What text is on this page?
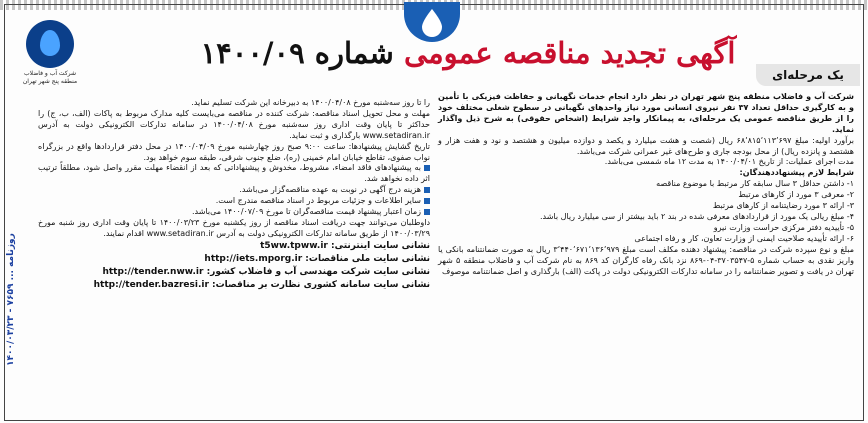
شرکت آب و فاضلاب منطقه پنج شهر تهران
آگهی تجدید مناقصه عمومی شماره ۱۴۰۰/۰۹
یک مرحله‌ای

شرکت آب و فاضلاب منطقه پنج شهر تهران در نظر دارد انجام خدمات نگهبانی و حفاظت فیزیکی با تأمین و به کارگیری حداقل تعداد ۳۷ نفر نیروی انسانی مورد نیاز واحدهای نگهبانی در سطوح شغلی مختلف خود را از طریق مناقصه عمومی یک مرحله‌ای، به پیمانکار واجد شرایط (اشخاص حقوقی) به شرح ذیل واگذار نماید.

برآورد اولیه: مبلغ ۶۸٬۸۱۵٬۱۱۳٬۶۹۷ ریال (شصت و هشت میلیارد و یکصد و دوازده میلیون و هشتصد و نود و هفت هزار و هشتصد و پانزده ریال) از محل بودجه جاری و طرح‌های غیر عمرانی شرکت می‌باشد.

مدت اجرای عملیات: از تاریخ ۱۴۰۰/۰۴/۰۱ به مدت ۱۲ ماه شمسی می‌باشد.

شرایط لازم پیشنهاددهندگان:

۱- داشتن حداقل ۳ سال سابقه کار مرتبط با موضوع مناقصه

۲- معرفی ۳ مورد از کارهای مرتبط

۳- ارائه ۳ مورد رضایتنامه از کارهای مرتبط

۴- مبلغ ریالی یک مورد از قراردادهای معرفی شده در بند ۲ باید بیشتر از سی میلیارد ریال باشد.

۵- تأییدیه دفتر مرکزی حراست وزارت نیرو

۶- ارائه تأییدیه صلاحیت ایمنی از وزارت تعاون، کار و رفاه اجتماعی

مبلغ و نوع سپرده شرکت در مناقصه: پیشنهاد دهنده مکلف است مبلغ ۳٬۴۴۰٬۶۷۱٬۱۳۶٬۹۷۹ ریال به صورت ضمانتنامه بانکی یا واریز نقدی به حساب شماره ۵-۳۷۰۳۵۴۷-۰۴-۸۶۹ نزد بانک رفاه کارگران کد ۸۶۹ به نام شرکت آب و فاضلاب منطقه ۵ شهر تهران در یافت و تصویر ضمانتنامه را در سامانه تدارکات الکترونیکی دولت در پاکت (الف) بارگذاری و اصل ضمانتنامه موصوف

را تا روز سه‌شنبه مورخ ۱۴۰۰/۰۴/۰۸ به دبیرخانه این شرکت تسلیم نماید.

مهلت و محل تحویل اسناد مناقصه: شرکت کننده در مناقصه می‌بایست کلیه مدارک مربوط به پاکات (الف، ب، ج) را حداکثر تا پایان وقت اداری روز سه‌شنبه مورخ ۱۴۰۰/۰۴/۰۸ در سامانه تدارکات الکترونیکی دولت به آدرس www.setadiran.ir بارگذاری و ثبت نماید.

تاریخ گشایش پیشنهادها: ساعت ۹:۰۰ صبح روز چهارشنبه مورخ ۱۴۰۰/۰۴/۰۹ در محل دفتر قراردادها واقع در بزرگراه نواب صفوی، تقاطع خیابان امام خمینی (ره)، ضلع جنوب شرقی، طبقه سوم خواهد بود.

به پیشنهادهای فاقد امضاء، مشروط، مخدوش و پیشنهاداتی که بعد از انقضاء مهلت مقرر واصل شود، مطلقاً ترتیب اثر داده نخواهد شد.

هزینه درج آگهی در نوبت به عهده مناقصه‌گزار می‌باشد.

سایر اطلاعات و جزئیات مربوط در اسناد مناقصه مندرج است.

زمان اعتبار پیشنهاد قیمت مناقصه‌گران تا مورخ ۱۴۰۰/۰۷/۰۹ می‌باشد.

داوطلبان می‌توانند جهت دریافت اسناد مناقصه از روز یکشنبه مورخ ۱۴۰۰/۰۳/۲۳ تا پایان وقت اداری روز شنبه مورخ ۱۴۰۰/۰۳/۲۹ از طریق سامانه تدارکات الکترونیکی دولت به آدرس www.setadiran.ir اقدام نمایند.

نشانی سایت اینترنتی: t5ww.tpww.ir
نشانی سایت ملی مناقصات: http://iets.mporg.ir
نشانی سایت شرکت مهندسی آب و فاضلاب کشور: http://tender.nww.ir
نشانی سایت سامانه کشوری نظارت بر مناقصات: http://tender.bazresi.ir
روزنامه ... ۷۶۵۹ - ۱۴۰۰/۰۳/۲۳
